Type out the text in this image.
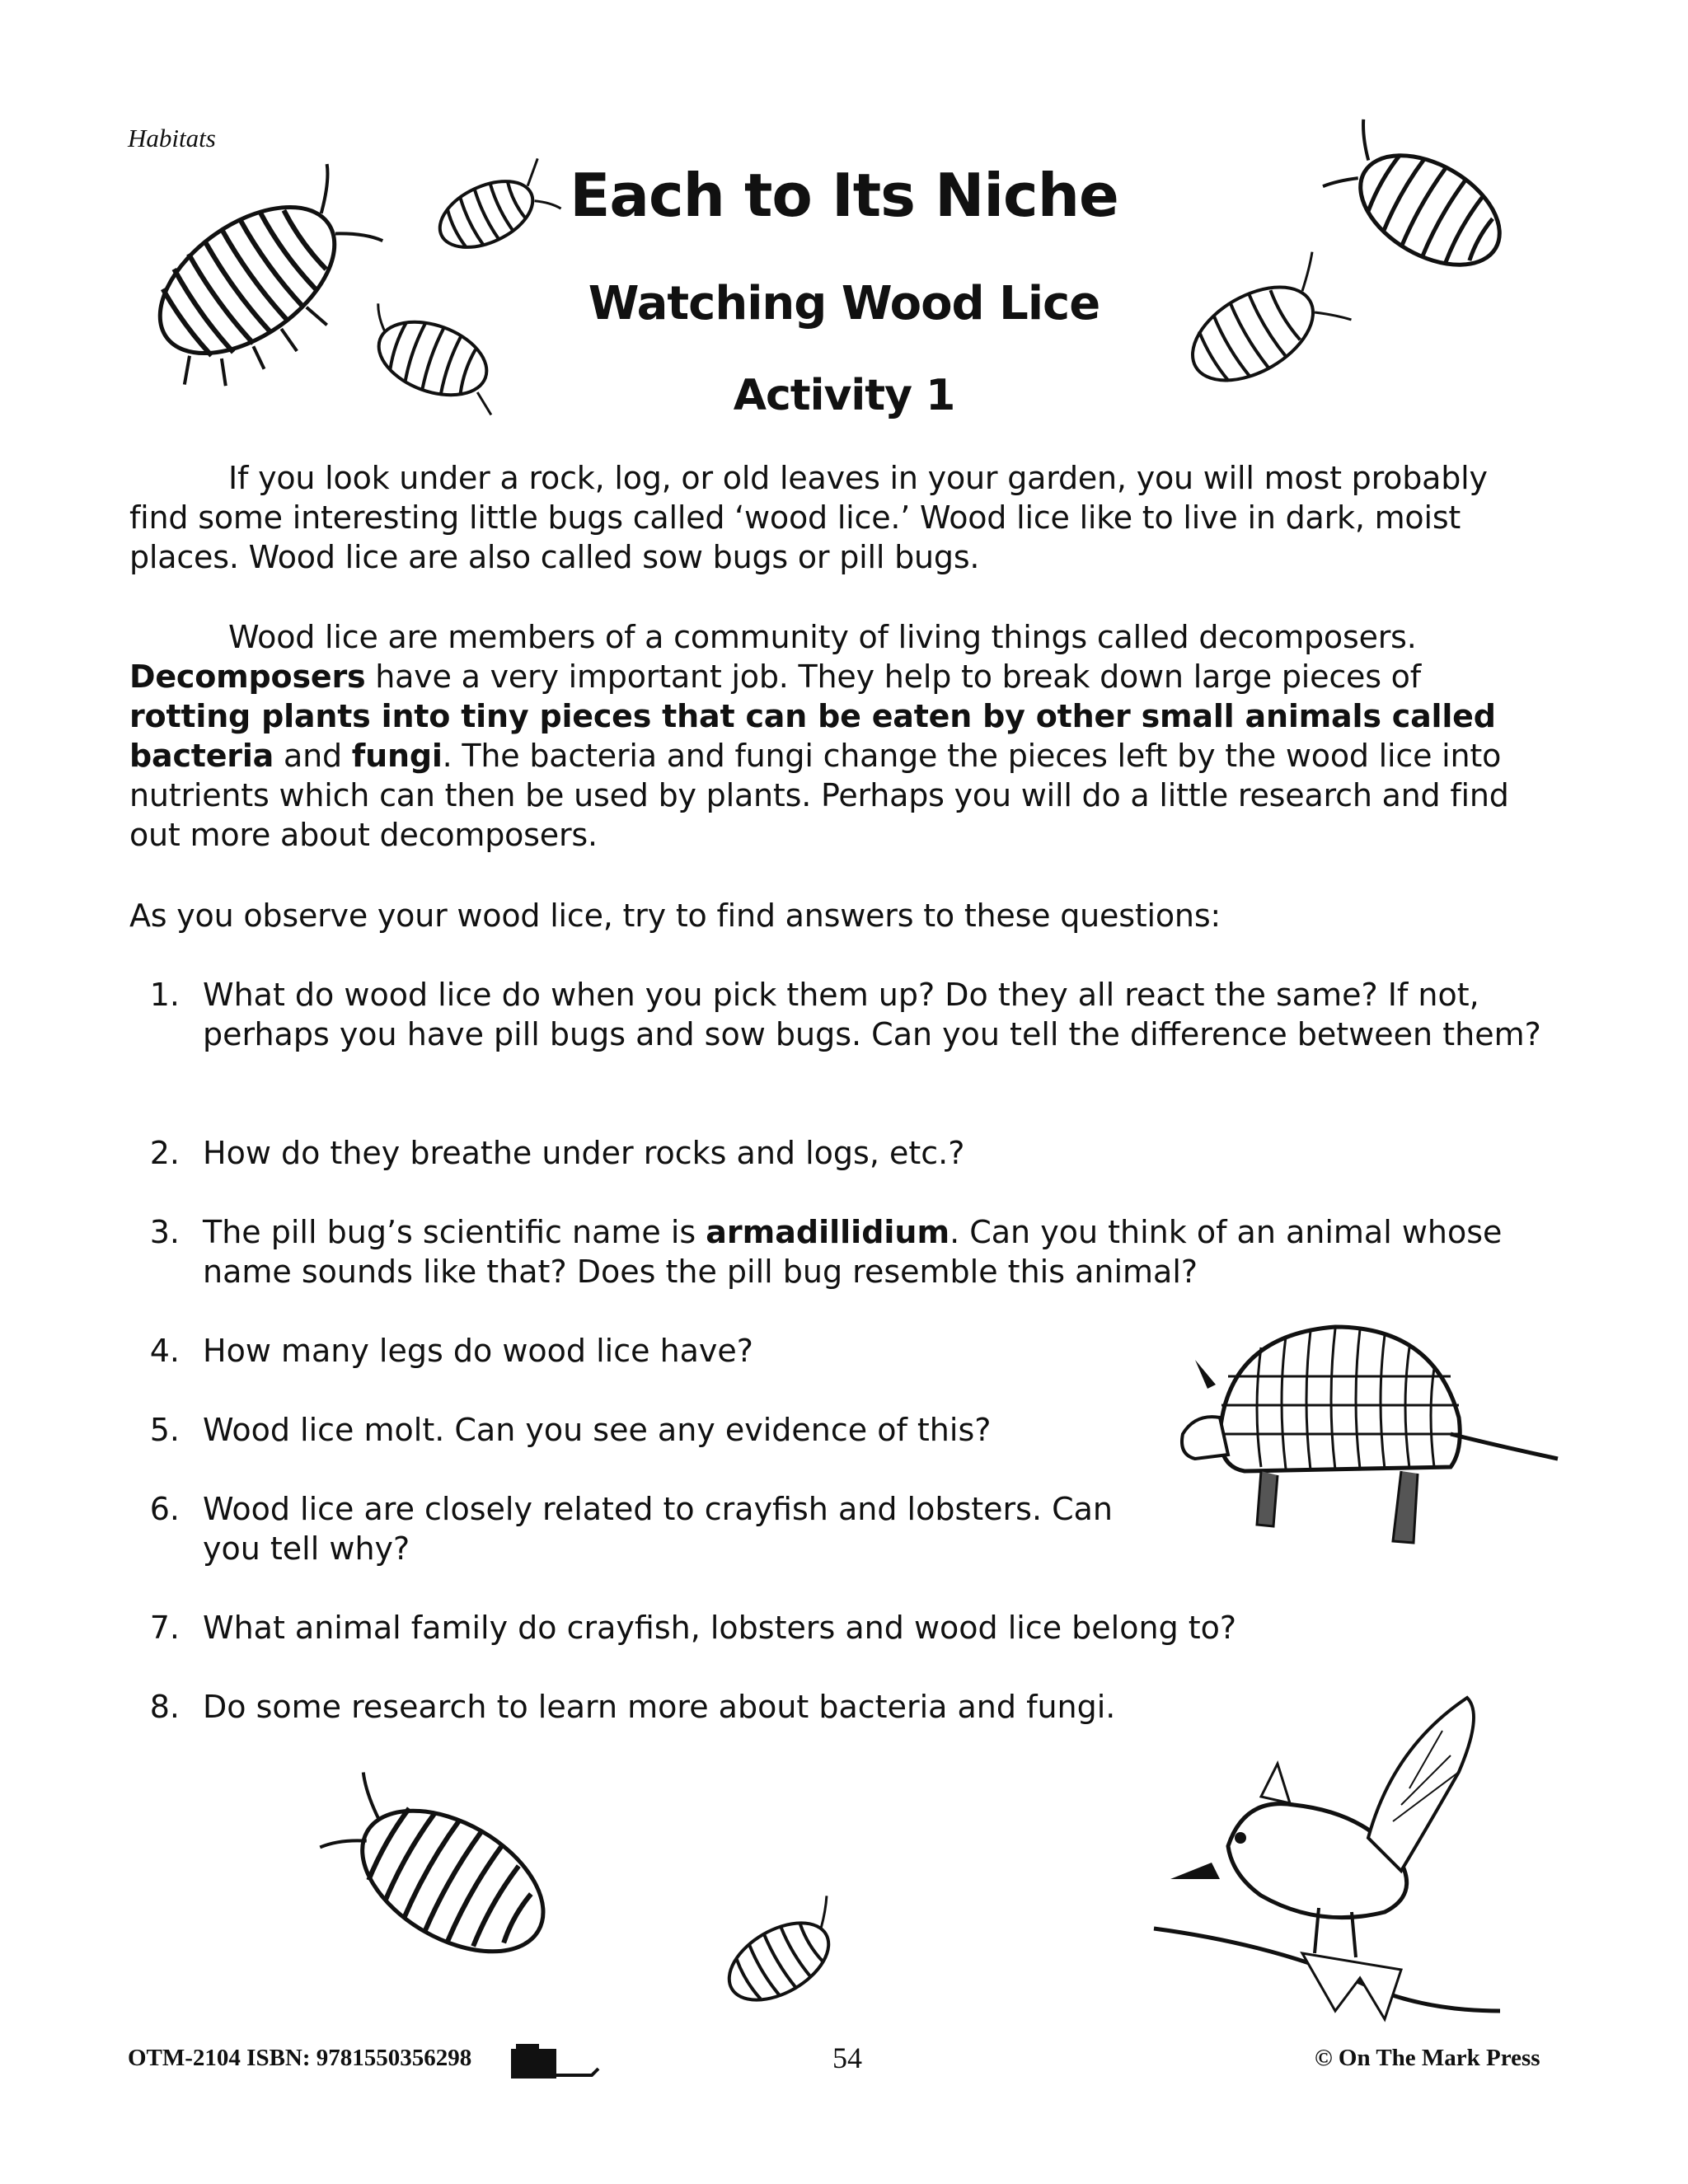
Habitats
Each to Its Niche
Watching Wood Lice
Activity 1
If you look under a rock, log, or old leaves in your garden, you will most probably find some interesting little bugs called ‘wood lice.’ Wood lice like to live in dark, moist places. Wood lice are also called sow bugs or pill bugs.
Wood lice are members of a community of living things called decomposers.
Decomposers have a very important job. They help to break down large pieces of rotting plants into tiny pieces that can be eaten by other small animals called bacteria and fungi. The bacteria and fungi change the pieces left by the wood lice into nutrients which can then be used by plants. Perhaps you will do a little research and find out more about decomposers.
As you observe your wood lice, try to find answers to these questions:
1. What do wood lice do when you pick them up? Do they all react the same? If not, perhaps you have pill bugs and sow bugs. Can you tell the difference between them?
2. How do they breathe under rocks and logs, etc.?
3. The pill bug’s scientific name is armadillidium. Can you think of an animal whose name sounds like that? Does the pill bug resemble this animal?
4. How many legs do wood lice have?
5. Wood lice molt. Can you see any evidence of this?
6. Wood lice are closely related to crayfish and lobsters. Can you tell why?
7. What animal family do crayfish, lobsters and wood lice belong to?
8. Do some research to learn more about bacteria and fungi.
OTM-2104 ISBN: 9781550356298	54	© On The Mark Press
